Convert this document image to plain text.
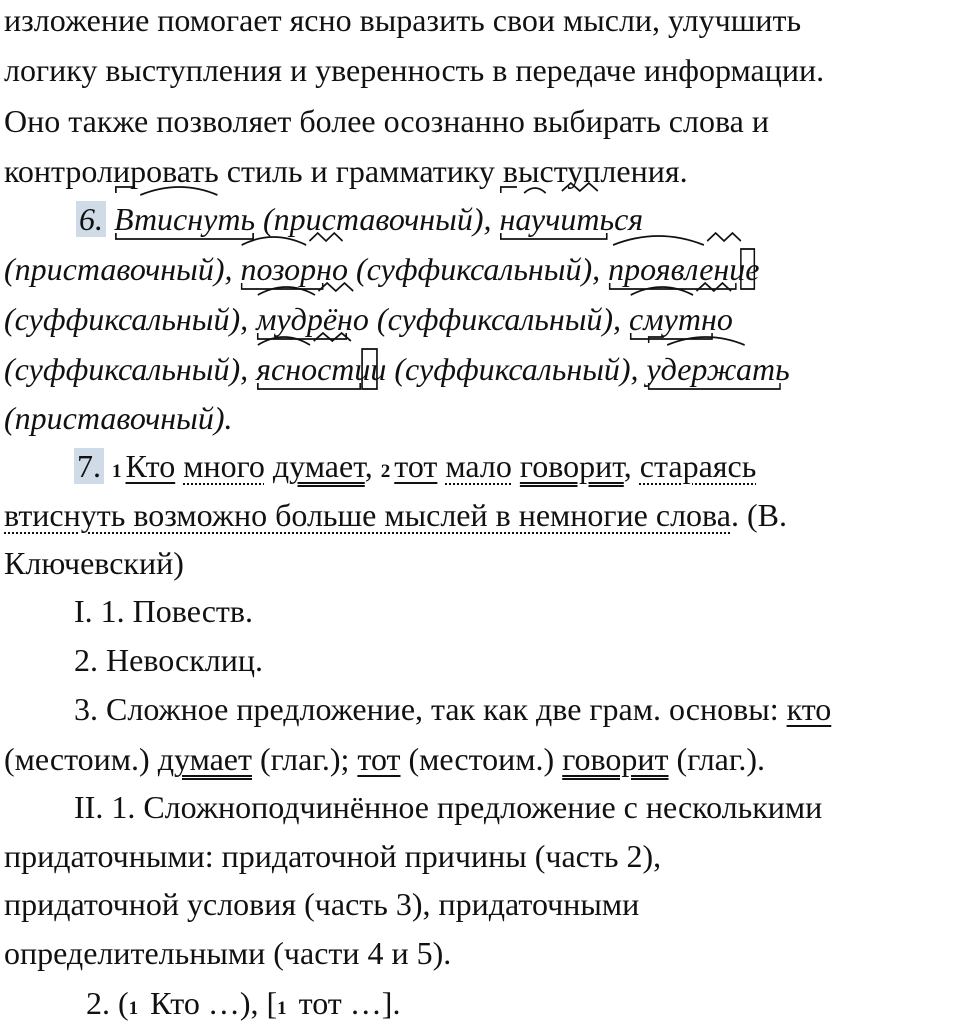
изложение помогает ясно выразить свои мысли, улучшить
логику выступления и уверенность в передаче информации.
Оно также позволяет более осознанно выбирать слова и
контролировать стиль и грамматику выступления.
6. Втиснуть (приставочный), научиться
(приставочный), позорно (суффиксальный), проявление
(суффиксальный), мудрёно (суффиксальный), смутно
(суффиксальный), ясностии (суффиксальный), удержать
(приставочный).
7. 1 Кто много думает, 2 тот мало говорит, стараясь
втиснуть возможно больше мыслей в немногие слова. (В.
Ключевский)
I. 1. Повеств.
2. Невосклиц.
3. Сложное предложение, так как две грам. основы: кто
(местоим.) думает (глаг.); тот (местоим.) говорит (глаг.).
II. 1. Сложноподчинённое предложение с несколькими
придаточными: придаточной причины (часть 2),
придаточной условия (часть 3), придаточными
определительными (части 4 и 5).
2. (1 Кто …), [1 тот …].
